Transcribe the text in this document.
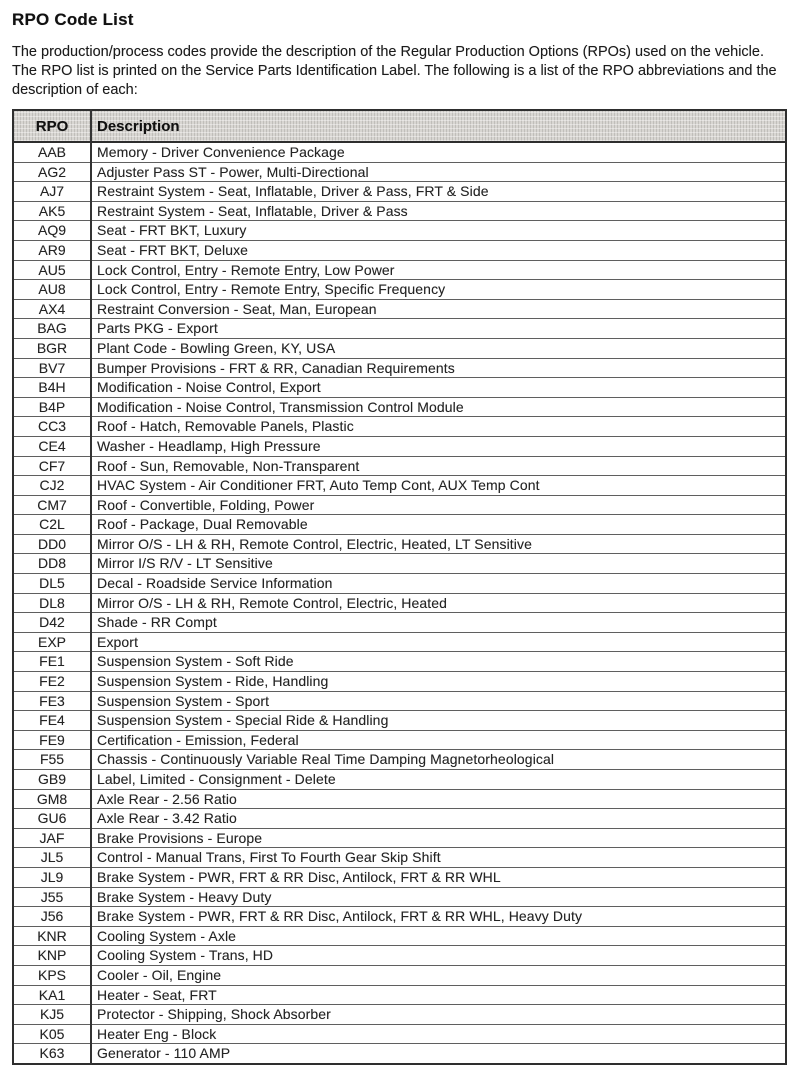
RPO Code List

The production/process codes provide the description of the Regular Production Options (RPOs) used on the vehicle. The RPO list is printed on the Service Parts Identification Label. The following is a list of the RPO abbreviations and the description of each:

RPO	Description
AAB	Memory - Driver Convenience Package
AG2	Adjuster Pass ST - Power, Multi-Directional
AJ7	Restraint System - Seat, Inflatable, Driver & Pass, FRT & Side
AK5	Restraint System - Seat, Inflatable, Driver & Pass
AQ9	Seat - FRT BKT, Luxury
AR9	Seat - FRT BKT, Deluxe
AU5	Lock Control, Entry - Remote Entry, Low Power
AU8	Lock Control, Entry - Remote Entry, Specific Frequency
AX4	Restraint Conversion - Seat, Man, European
BAG	Parts PKG - Export
BGR	Plant Code - Bowling Green, KY, USA
BV7	Bumper Provisions - FRT & RR, Canadian Requirements
B4H	Modification - Noise Control, Export
B4P	Modification - Noise Control, Transmission Control Module
CC3	Roof - Hatch, Removable Panels, Plastic
CE4	Washer - Headlamp, High Pressure
CF7	Roof - Sun, Removable, Non-Transparent
CJ2	HVAC System - Air Conditioner FRT, Auto Temp Cont, AUX Temp Cont
CM7	Roof - Convertible, Folding, Power
C2L	Roof - Package, Dual Removable
DD0	Mirror O/S - LH & RH, Remote Control, Electric, Heated, LT Sensitive
DD8	Mirror I/S R/V - LT Sensitive
DL5	Decal - Roadside Service Information
DL8	Mirror O/S - LH & RH, Remote Control, Electric, Heated
D42	Shade - RR Compt
EXP	Export
FE1	Suspension System - Soft Ride
FE2	Suspension System - Ride, Handling
FE3	Suspension System - Sport
FE4	Suspension System - Special Ride & Handling
FE9	Certification - Emission, Federal
F55	Chassis - Continuously Variable Real Time Damping Magnetorheological
GB9	Label, Limited - Consignment - Delete
GM8	Axle Rear - 2.56 Ratio
GU6	Axle Rear - 3.42 Ratio
JAF	Brake Provisions - Europe
JL5	Control - Manual Trans, First To Fourth Gear Skip Shift
JL9	Brake System - PWR, FRT & RR Disc, Antilock, FRT & RR WHL
J55	Brake System - Heavy Duty
J56	Brake System - PWR, FRT & RR Disc, Antilock, FRT & RR WHL, Heavy Duty
KNR	Cooling System - Axle
KNP	Cooling System - Trans, HD
KPS	Cooler - Oil, Engine
KA1	Heater - Seat, FRT
KJ5	Protector - Shipping, Shock Absorber
K05	Heater Eng - Block
K63	Generator - 110 AMP
